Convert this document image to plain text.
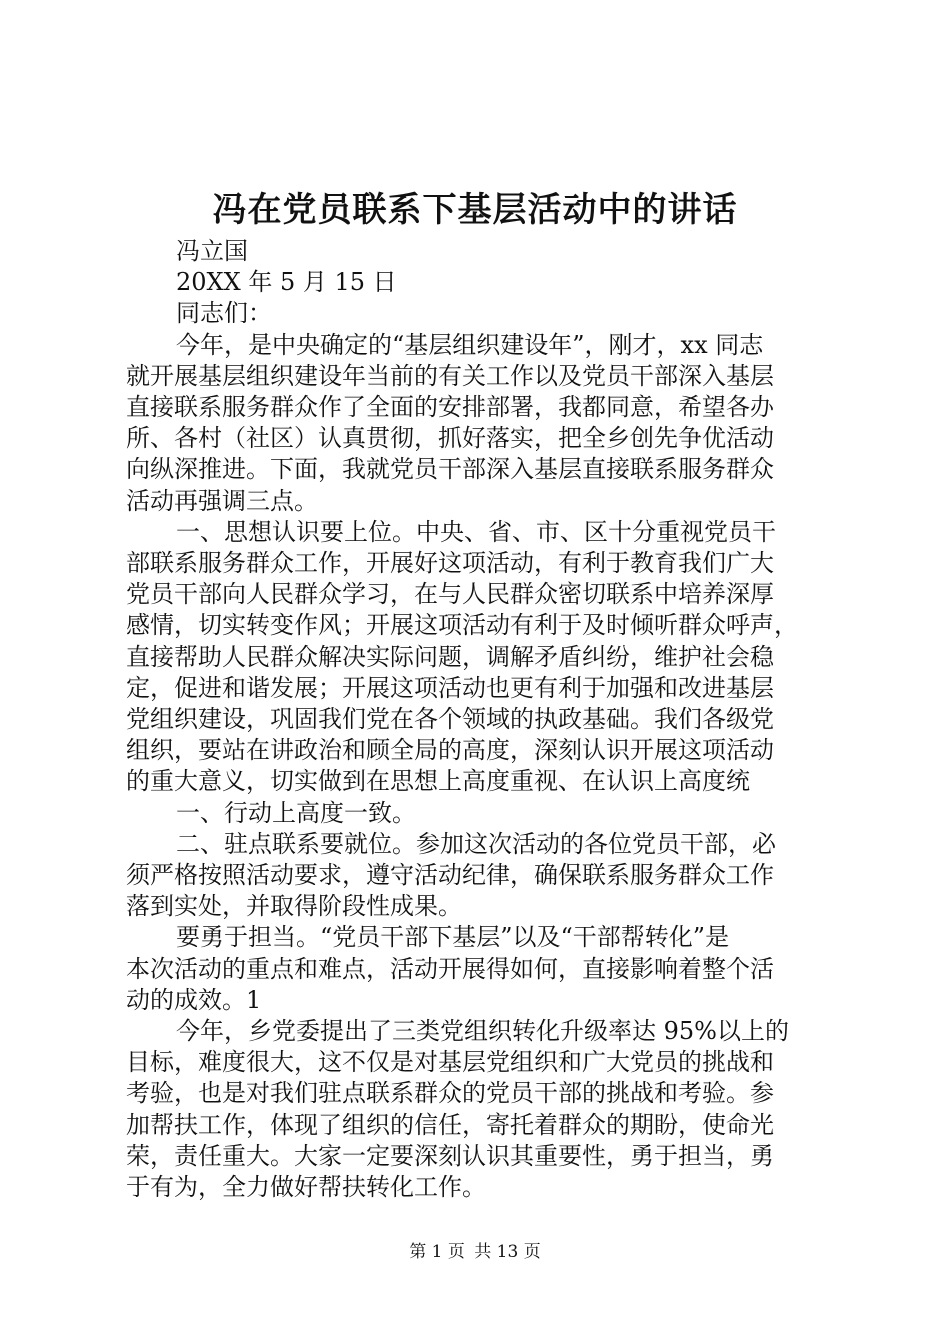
冯在党员联系下基层活动中的讲话

冯立国

20XX 年 5 月 15 日

同志们：

今年，是中央确定的“基层组织建设年”，刚才，xx 同志

就开展基层组织建设年当前的有关工作以及党员干部深入基层

直接联系服务群众作了全面的安排部署，我都同意，希望各办

所、各村（社区）认真贯彻，抓好落实，把全乡创先争优活动

向纵深推进。下面，我就党员干部深入基层直接联系服务群众

活动再强调三点。

一、思想认识要上位。中央、省、市、区十分重视党员干

部联系服务群众工作，开展好这项活动，有利于教育我们广大

党员干部向人民群众学习，在与人民群众密切联系中培养深厚

感情，切实转变作风；开展这项活动有利于及时倾听群众呼声，

直接帮助人民群众解决实际问题，调解矛盾纠纷，维护社会稳

定，促进和谐发展；开展这项活动也更有利于加强和改进基层

党组织建设，巩固我们党在各个领域的执政基础。我们各级党

组织，要站在讲政治和顾全局的高度，深刻认识开展这项活动

的重大意义，切实做到在思想上高度重视、在认识上高度统

一、行动上高度一致。

二、驻点联系要就位。参加这次活动的各位党员干部，必

须严格按照活动要求，遵守活动纪律，确保联系服务群众工作

落到实处，并取得阶段性成果。

要勇于担当。“党员干部下基层”以及“干部帮转化”是

本次活动的重点和难点，活动开展得如何，直接影响着整个活

动的成效。1

今年，乡党委提出了三类党组织转化升级率达 95%以上的

目标，难度很大，这不仅是对基层党组织和广大党员的挑战和

考验，也是对我们驻点联系群众的党员干部的挑战和考验。参

加帮扶工作，体现了组织的信任，寄托着群众的期盼，使命光

荣，责任重大。大家一定要深刻认识其重要性，勇于担当，勇

于有为，全力做好帮扶转化工作。

第 1 页 共 13 页
